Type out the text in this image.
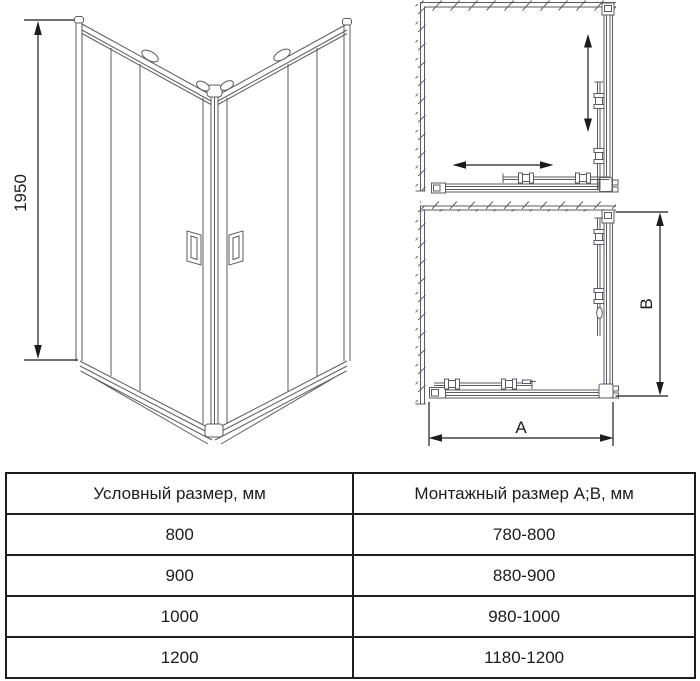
1950
B
A
Условный размер, мм	Монтажный размер А;В, мм
800	780-800
900	880-900
1000	980-1000
1200	1180-1200
